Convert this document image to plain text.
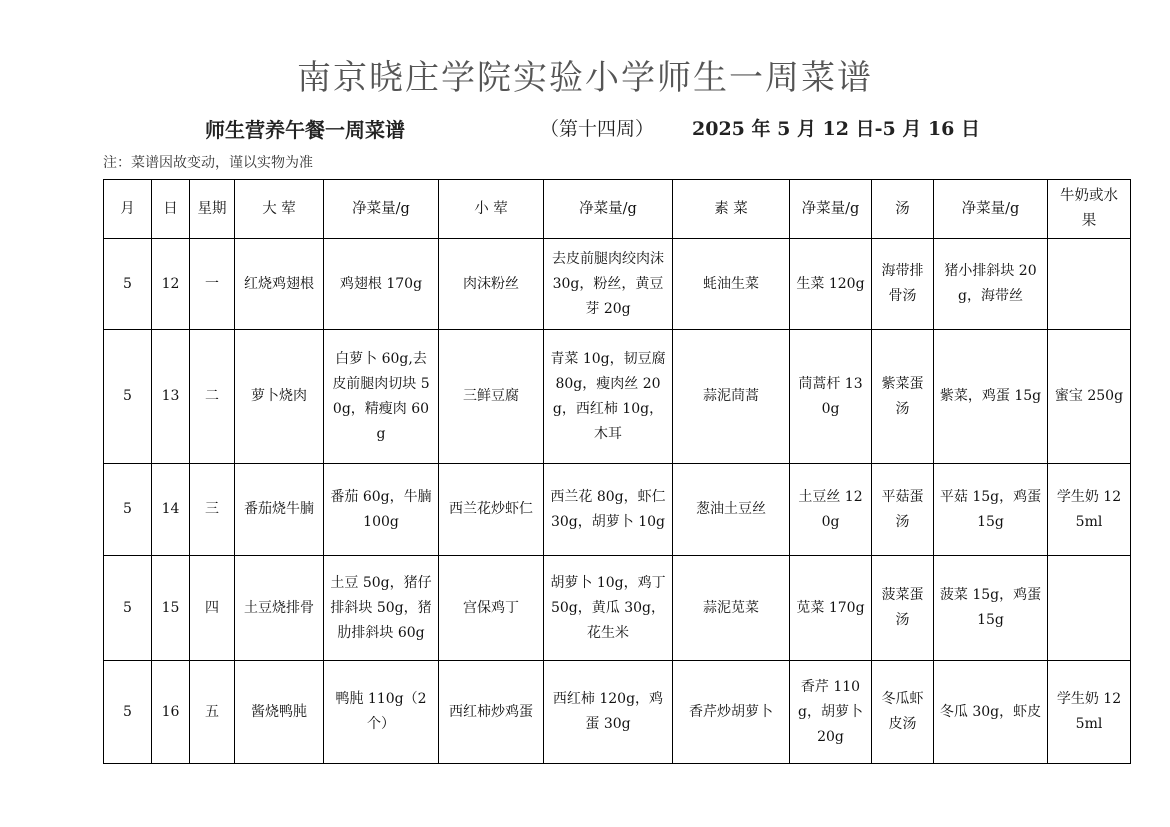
南京晓庄学院实验小学师生一周菜谱
师生营养午餐一周菜谱	（第十四周） 2025 年 5 月 12 日-5 月 16 日
注：菜谱因故变动，谨以实物为准
月	日	星期	大 荤	净菜量/g	小 荤	净菜量/g	素 菜	净菜量/g	汤	净菜量/g	牛奶或水果
5	12	一	红烧鸡翅根	鸡翅根 170g	肉沫粉丝	去皮前腿肉绞肉沫 30g，粉丝，黄豆芽 20g	蚝油生菜	生菜 120g	海带排骨汤	猪小排斜块 20g，海带丝	
5	13	二	萝卜烧肉	白萝卜 60g,去皮前腿肉切块 50g，精瘦肉 60g	三鲜豆腐	青菜 10g，韧豆腐 80g，瘦肉丝 20g，西红柿 10g，木耳	蒜泥茼蒿	茼蒿杆 130g	紫菜蛋汤	紫菜，鸡蛋 15g	蜜宝 250g
5	14	三	番茄烧牛腩	番茄 60g，牛腩 100g	西兰花炒虾仁	西兰花 80g，虾仁 30g，胡萝卜 10g	葱油土豆丝	土豆丝 120g	平菇蛋汤	平菇 15g，鸡蛋 15g	学生奶 125ml
5	15	四	土豆烧排骨	土豆 50g，猪仔排斜块 50g，猪肋排斜块 60g	宫保鸡丁	胡萝卜 10g，鸡丁 50g，黄瓜 30g，花生米	蒜泥苋菜	苋菜 170g	菠菜蛋汤	菠菜 15g，鸡蛋 15g	
5	16	五	酱烧鸭肫	鸭肫 110g（2 个）	西红柿炒鸡蛋	西红柿 120g，鸡蛋 30g	香芹炒胡萝卜	香芹 110g，胡萝卜 20g	冬瓜虾皮汤	冬瓜 30g，虾皮	学生奶 125ml
